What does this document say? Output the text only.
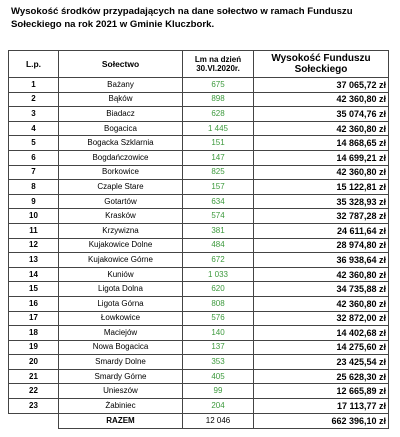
Wysokość środków przypadających na dane sołectwo w ramach Funduszu Sołeckiego na rok 2021 w Gminie Kluczbork.
L.p.	Sołectwo	Lm na dzień 30.VI.2020r.	Wysokość Funduszu Sołeckiego
1	Bażany	675	37 065,72 zł
2	Bąków	898	42 360,80 zł
3	Biadacz	628	35 074,76 zł
4	Bogacica	1 445	42 360,80 zł
5	Bogacka Szklarnia	151	14 868,65 zł
6	Bogdańczowice	147	14 699,21 zł
7	Borkowice	825	42 360,80 zł
8	Czaple Stare	157	15 122,81 zł
9	Gotartów	634	35 328,93 zł
10	Krasków	574	32 787,28 zł
11	Krzywizna	381	24 611,64 zł
12	Kujakowice Dolne	484	28 974,80 zł
13	Kujakowice Górne	672	36 938,64 zł
14	Kuniów	1 033	42 360,80 zł
15	Ligota Dolna	620	34 735,88 zł
16	Ligota Górna	808	42 360,80 zł
17	Łowkowice	576	32 872,00 zł
18	Maciejów	140	14 402,68 zł
19	Nowa Bogacica	137	14 275,60 zł
20	Smardy Dolne	353	23 425,54 zł
21	Smardy Górne	405	25 628,30 zł
22	Unieszów	99	12 665,89 zł
23	Żabiniec	204	17 113,77 zł
	RAZEM	12 046	662 396,10 zł
